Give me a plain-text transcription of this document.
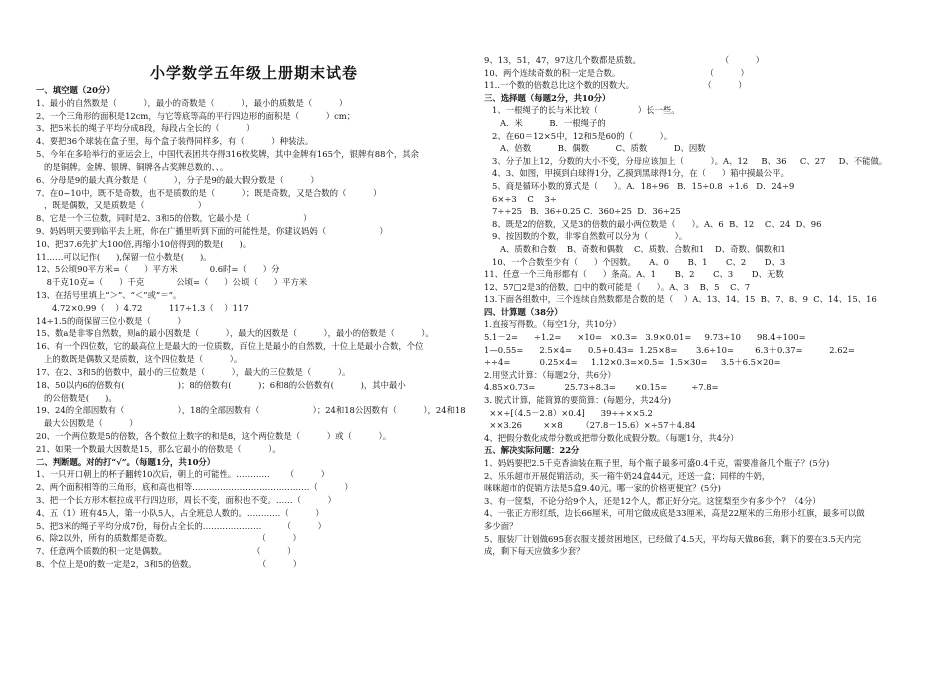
小学数学五年级上册期末试卷
一、填空题（20分）
1、最小的自然数是（          ），最小的奇数是（          ），最小的质数是（          ）
2、一个三角形的面积是12cm，与它等底等高的平行四边形的面积是（          ）cm；
3、把5米长的绳子平均分成8段，每段占全长的（          ）
4、要把36个球装在盒子里，每个盒子装得同样多，有（          ）种装法。
5、今年在多哈举行的亚运会上，中国代表团共夺得316枚奖牌，其中金牌有165个，银牌有88个，其余
的是铜牌。金牌、银牌、铜牌各占奖牌总数的、、。
6、分母是9的最大真分数是（          ），分子是9的最大假分数是（          ）
7、在0~10中，既不是奇数，也不是质数的是（          ）；既是奇数，又是合数的（          ）
，既是偶数，又是质数是（                    ）
8、它是一个三位数，同时是2、3和5的倍数，它最小是（                    ）
9、妈妈明天要到临平去上班，你在广播里听到下面的可能性是，你建议妈妈（                    ）
10、把37.6先扩大100倍,再缩小10倍得到的数是(      )。
11……可以记作(      ),保留一位小数是(      )。
12、5公顷90平方米=（      ）平方米            0.6时=（      ）分
8千克10克=（      ）千克            公顷=（      ）公顷（      ）平方米
13、在括号里填上“＞”、“＜”或“＝”。
4.72×0.99（    ）4.72          117÷1.3（    ）117
14÷1.5的商保留三位小数是（          ）
15、数a是非零自然数，则a的最小因数是（          ），最大的因数是（          ），最小的倍数是（          ）。
16、有一个四位数，它的最高位上是最大的一位质数，百位上是最小的自然数，十位上是最小合数，个位
上的数既是偶数又是质数，这个四位数是（          ）。
17、在2、3和5的倍数中，最小的三位数是（          ），最大的三位数是（          ）。
18、50以内6的倍数有(                    )；8的倍数有(          )；6和8的公倍数有(          )，其中最小
的公倍数是(      )。
19、24的全部因数有（                    ），18的全部因数有（                    ）；24和18公因数有（          ），24和18
最大公因数是（          ）
20、一个两位数是5的倍数，各个数位上数字的和是8，这个两位数是（          ）或（          ）。
21、如果一个数最大因数是15，那么它最小的倍数是（          ）。
二、判断题。对的打“√”。（每题1分，共10分）
1、一只开口朝上的杯子翻转10次后，朝上的可能性。…………      （          ）
2、两个面积相等的三角形，底和高也相等……………………………………（          ）
3、把一个长方形木框拉成平行四边形，周长不变，面积也不变。……（          ）
4、五（1）班有45人，第一小队5人，占全班总人数的。…………（          ）
5、把3米的绳子平均分成7份，每份占全长的…………………        （          ）
6、除2以外，所有的质数都是奇数。                                （          ）
7、任意两个质数的积一定是偶数。                                （          ）
8、个位上是0的数一定是2，3和5的倍数。                       （          ）
9、13，51，47，97这几个数都是质数。                              （          ）
10、两个连续奇数的积一定是合数。                                （          ）
11..一个数的倍数总比这个数的因数大。                          （          ）
三、选择题（每题2分，共10分）
1、一根绳子的长与米比较（               ）长一些。
A．米          B．一根绳子的
2、在60＝12×5中，12和5是60的（          ）。
A、倍数          B、偶数          C、质数          D、因数
3、分子加上12，分数的大小不变，分母应该加上（          ）。A、12     B、36     C、27     D、不能做。
4、3、如图，甲摸到白球得1分，乙摸到黑球得1分，在（      ）箱中摸最公平。
5、商是循环小数的算式是（      ）。A．18÷96   B．15÷0.8  ÷1.6   D．24÷9
6×÷3    C    3÷
7÷÷25   B．36÷0.25 C．360÷25  D．36÷25
8、既是2的倍数，又是3的倍数的最小两位数是（      ）。A、6  B、12    C、24  D、96
9、按因数的个数，非零自然数可以分为（          ）。
A、质数和合数    B、奇数和偶数    C、质数、合数和1    D、奇数、偶数和1
10、一个合数至少有（      ）个因数。     A、0       B、1       C、2       D、3
11、任意一个三角形都有（      ）条高。A、1       B、2       C、3       D、无数
12、57□2是3的倍数，□中的数可能是（      ）。A、3    B、5    C、7
13.下面各组数中，三个连续自然数都是合数的是（    ）A、13、14、15  B、7、8、9  C、14、15、16
四、计算题（38分）
1.直接写得数。（每空1分，共10分）
5.1－2=      ÷1.2=      ×10=   ×0.3=   3.9×0.01=     9.73÷10      98.4÷100=
1—0.55=      2.5×4=      0.5+0.43=  1.25×8=       3.6÷10=        6.3＋0.37=          2.62=
÷÷4=           0.25×4=     1.12×0.3=×0.5=  1.5×30=     3.5＋6.5×20=
2.用竖式计算：（每题2分，共6分）
4.85×0.73=           25.73÷8.3=       ×0.15=         ÷7.8=
3. 脱式计算，能简算的要简算：(每题分，共24分)
××÷[（4.5－2.8）×0.4]      39÷÷××5.2
××3.26        ××8       （27.8－15.6）×÷57＋4.84
4、把假分数化成带分数或把带分数化成假分数。（每题1分，共4分）
五、解决实际问题：22分
1、妈妈要把2.5千克香油装在瓶子里，每个瓶子最多可盛0.4千克，需要准备几个瓶子？(5分)
2、乐乐超市开展促销活动，买一箱牛奶24盒44元，还送一盒；同样的牛奶，
咪咪超市的促销方法是5盒9.40元。哪一家的价格更便宜？(5分)
3、有一筐梨，不论分给9个人，还是12个人，都正好分完。这筐梨至少有多少个？（4分）
4、一张正方形红纸，边长66厘米，可用它做成底是33厘米，高是22厘米的三角形小红旗，最多可以做
多少面？
5、服装厂计划做695套衣服支援贫困地区，已经做了4.5天，平均每天做86套，剩下的要在3.5天内完
成，剩下每天应做多少套？
